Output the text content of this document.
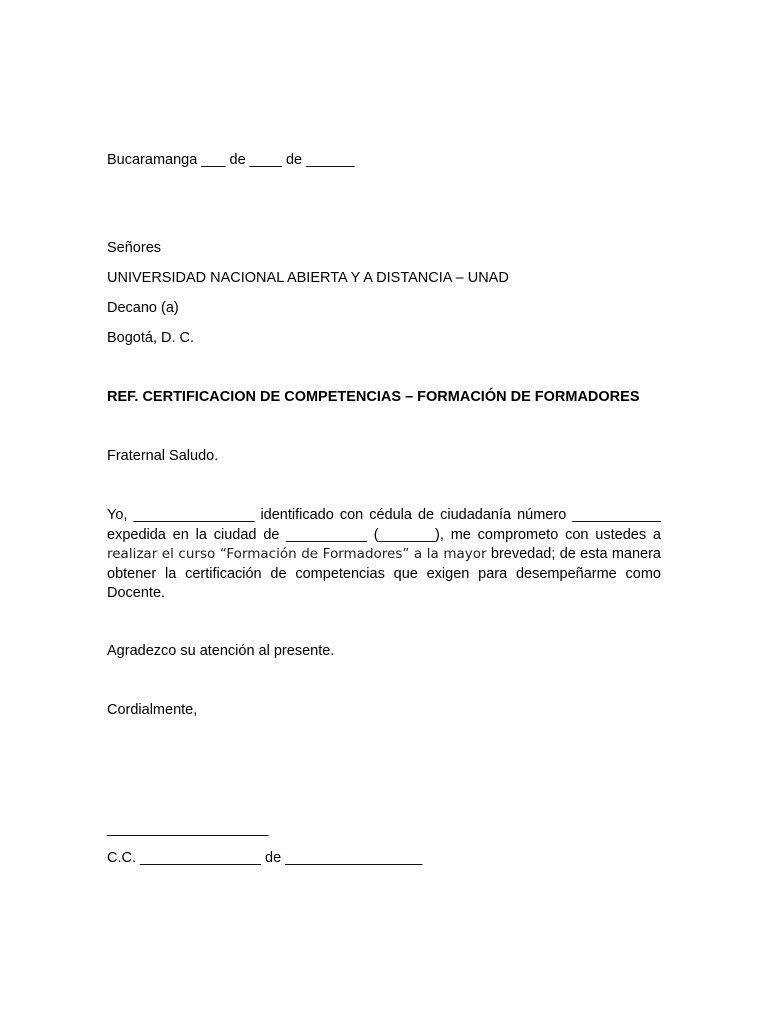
Bucaramanga ___ de ____ de ______
Señores
UNIVERSIDAD NACIONAL ABIERTA Y A DISTANCIA – UNAD
Decano (a)
Bogotá, D. C.
REF. CERTIFICACION DE COMPETENCIAS – FORMACIÓN DE FORMADORES
Fraternal Saludo.
Yo, _______________ identificado con cédula de ciudadanía número ___________
expedida en la ciudad de __________ (_______), me comprometo con ustedes a
realizar el curso “Formación de Formadores” a la mayor brevedad; de esta manera
obtener la certificación de competencias que exigen para desempeñarme como
Docente.
Agradezco su atención al presente.
Cordialmente,
____________________
C.C. _______________ de _________________
